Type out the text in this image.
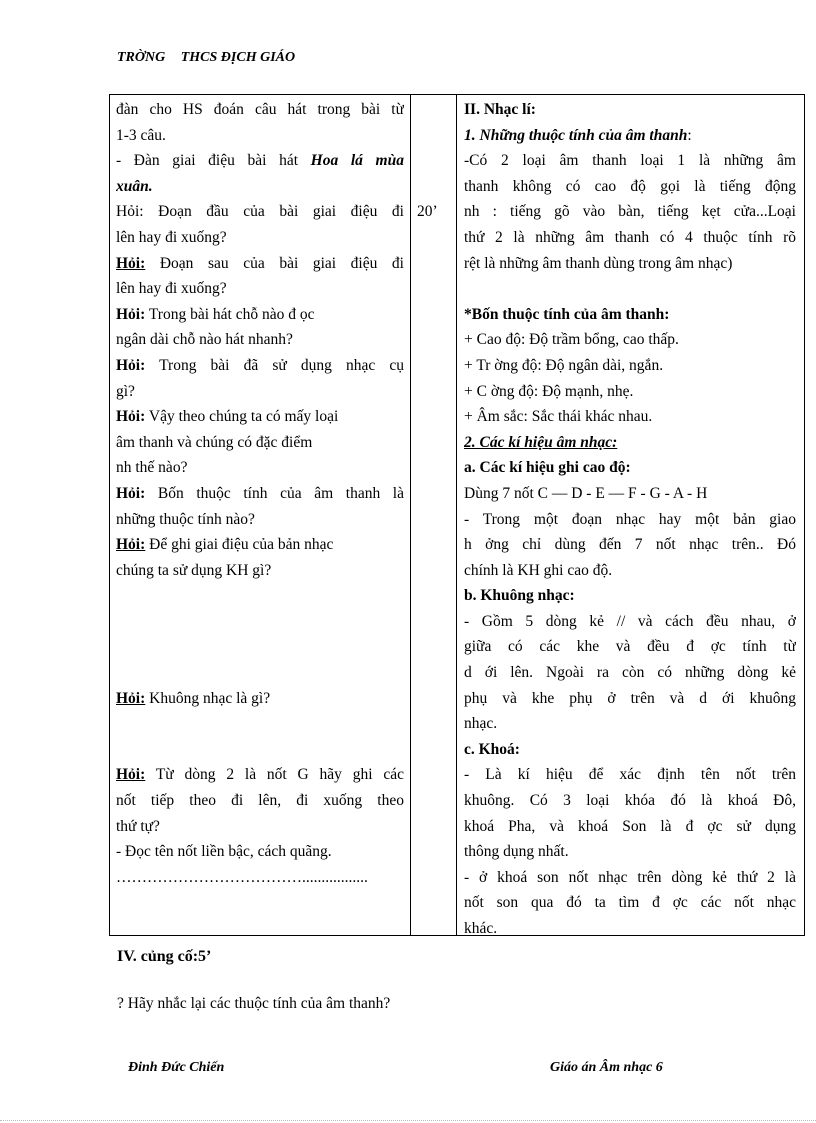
TRỜNG THCS ĐỊCH GIÁO
đàn cho HS đoán câu hát trong bài từ
1-3 câu.
- Đàn giai điệu bài hát Hoa lá mùa
xuân.
Hỏi: Đoạn đầu của bài giai điệu đi
lên hay đi xuống?
Hỏi: Đoạn sau của bài giai điệu đi
lên hay đi xuống?
Hỏi: Trong bài hát chỗ nào đ ọc
ngân dài chỗ nào hát nhanh?
Hỏi: Trong bài đã sử dụng nhạc cụ
gì?
Hỏi: Vậy theo chúng ta có mấy loại
âm thanh và chúng có đặc điểm
nh thế nào?
Hỏi: Bốn thuộc tính của âm thanh là
những thuộc tính nào?
Hỏi: Để ghi giai điệu của bản nhạc
chúng ta sử dụng KH gì?
Hỏi: Khuông nhạc là gì?
Hỏi: Từ dòng 2 là nốt G hãy ghi các
nốt tiếp theo đi lên, đi xuống theo
thứ tự?
- Đọc tên nốt liền bậc, cách quãng.
……………………………….................
20’
II. Nhạc lí:
1. Những thuộc tính của âm thanh:
-Có 2 loại âm thanh loại 1 là những âm
thanh không có cao độ gọi là tiếng động
nh : tiếng gõ vào bàn, tiếng kẹt cửa...Loại
thứ 2 là những âm thanh có 4 thuộc tính rõ
rệt là những âm thanh dùng trong âm nhạc)
*Bốn thuộc tính của âm thanh:
+ Cao độ: Độ trầm bổng, cao thấp.
+ Tr ờng độ: Độ ngân dài, ngắn.
+ C ờng độ: Độ mạnh, nhẹ.
+ Âm sắc: Sắc thái khác nhau.
2. Các kí hiệu âm nhạc:
a. Các kí hiệu ghi cao độ:
Dùng 7 nốt C — D - E — F - G - A - H
- Trong một đoạn nhạc hay một bản giao
h ởng chỉ dùng đến 7 nốt nhạc trên.. Đó
chính là KH ghi cao độ.
b. Khuông nhạc:
- Gồm 5 dòng kẻ // và cách đều nhau, ở
giữa có các khe và đều đ ợc tính từ
d ới lên. Ngoài ra còn có những dòng kẻ
phụ và khe phụ ở trên và d ới khuông
nhạc.
c. Khoá:
- Là kí hiệu để xác định tên nốt trên
khuông. Có 3 loại khóa đó là khoá Đô,
khoá Pha, và khoá Son là đ ợc sử dụng
thông dụng nhất.
- ở khoá son nốt nhạc trên dòng kẻ thứ 2 là
nốt son qua đó ta tìm đ ợc các nốt nhạc
khác.
IV. củng cố:5’
? Hãy nhắc lại các thuộc tính của âm thanh?
Đinh Đức Chiến	Giáo án Âm nhạc 6
